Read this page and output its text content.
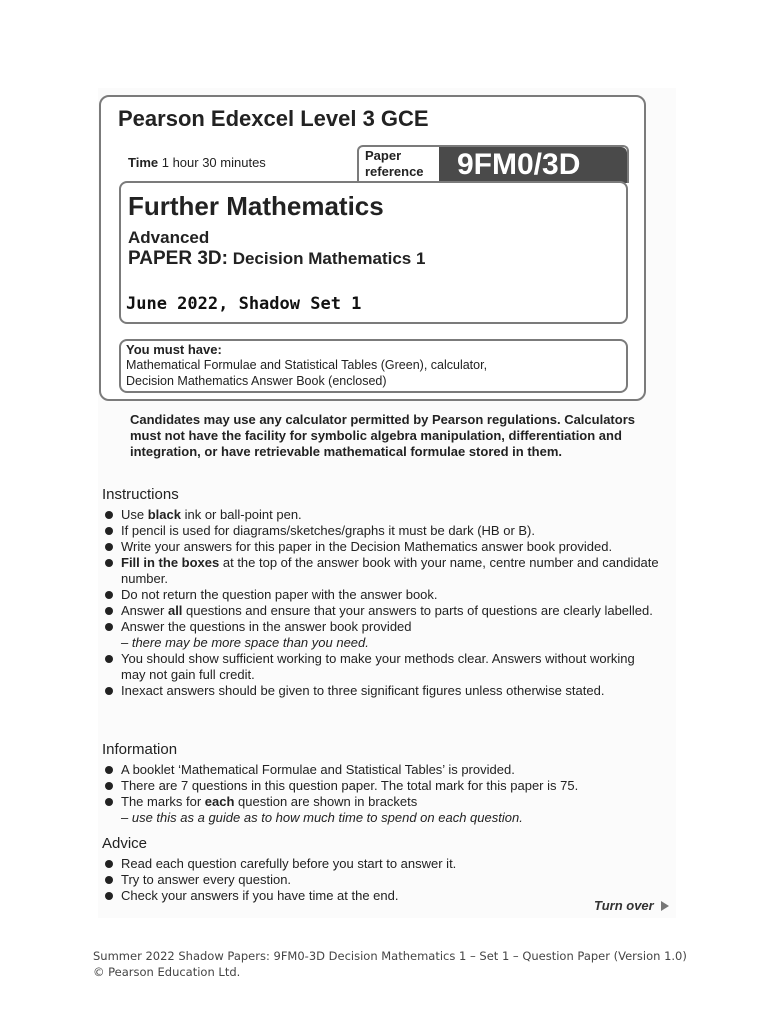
Pearson Edexcel Level 3 GCE
Time 1 hour 30 minutes	Paper reference	9FM0/3D
Further Mathematics
Advanced
PAPER 3D: Decision Mathematics 1
June 2022, Shadow Set 1
You must have:
Mathematical Formulae and Statistical Tables (Green), calculator,
Decision Mathematics Answer Book (enclosed)
Candidates may use any calculator permitted by Pearson regulations. Calculators must not have the facility for symbolic algebra manipulation, differentiation and integration, or have retrievable mathematical formulae stored in them.
Instructions
Use black ink or ball-point pen.
If pencil is used for diagrams/sketches/graphs it must be dark (HB or B).
Write your answers for this paper in the Decision Mathematics answer book provided.
Fill in the boxes at the top of the answer book with your name, centre number and candidate number.
Do not return the question paper with the answer book.
Answer all questions and ensure that your answers to parts of questions are clearly labelled.
Answer the questions in the answer book provided
– there may be more space than you need.
You should show sufficient working to make your methods clear. Answers without working may not gain full credit.
Inexact answers should be given to three significant figures unless otherwise stated.
Information
A booklet ‘Mathematical Formulae and Statistical Tables’ is provided.
There are 7 questions in this question paper. The total mark for this paper is 75.
The marks for each question are shown in brackets
– use this as a guide as to how much time to spend on each question.
Advice
Read each question carefully before you start to answer it.
Try to answer every question.
Check your answers if you have time at the end.
Turn over
Summer 2022 Shadow Papers: 9FM0-3D Decision Mathematics 1 – Set 1 – Question Paper (Version 1.0)
© Pearson Education Ltd.
